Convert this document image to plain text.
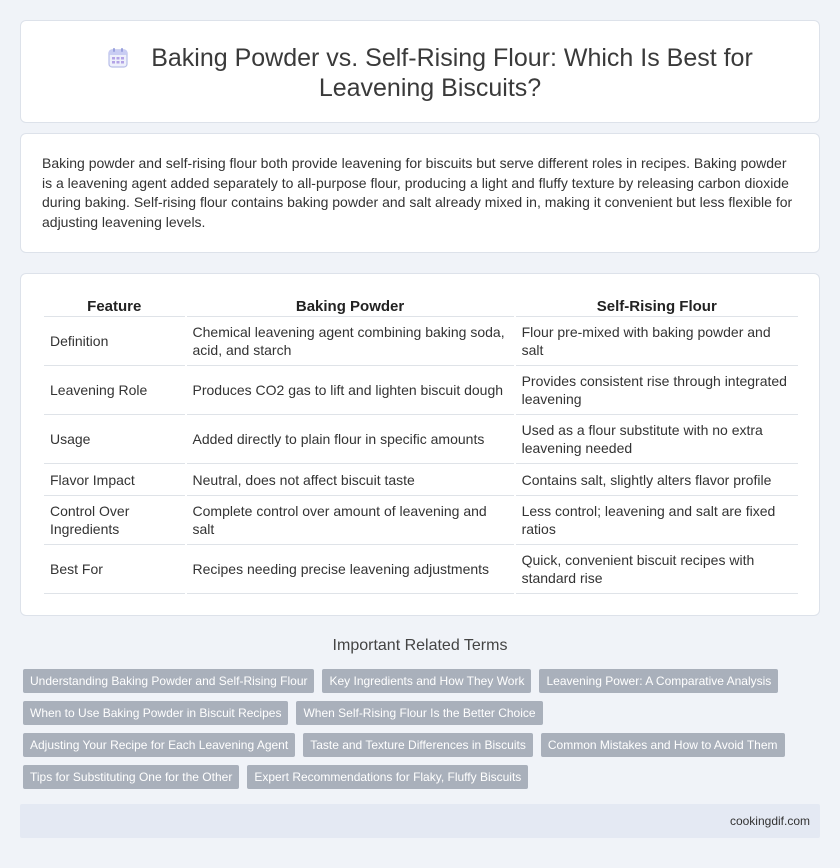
Baking Powder vs. Self-Rising Flour: Which Is Best for Leavening Biscuits?

Baking powder and self-rising flour both provide leavening for biscuits but serve different roles in recipes. Baking powder is a leavening agent added separately to all-purpose flour, producing a light and fluffy texture by releasing carbon dioxide during baking. Self-rising flour contains baking powder and salt already mixed in, making it convenient but less flexible for adjusting leavening levels.

Feature	Baking Powder	Self-Rising Flour
Definition	Chemical leavening agent combining baking soda, acid, and starch	Flour pre-mixed with baking powder and salt
Leavening Role	Produces CO2 gas to lift and lighten biscuit dough	Provides consistent rise through integrated leavening
Usage	Added directly to plain flour in specific amounts	Used as a flour substitute with no extra leavening needed
Flavor Impact	Neutral, does not affect biscuit taste	Contains salt, slightly alters flavor profile
Control Over Ingredients	Complete control over amount of leavening and salt	Less control; leavening and salt are fixed ratios
Best For	Recipes needing precise leavening adjustments	Quick, convenient biscuit recipes with standard rise
Important Related Terms
Understanding Baking Powder and Self-Rising Flour	Key Ingredients and How They Work	Leavening Power: A Comparative Analysis
When to Use Baking Powder in Biscuit Recipes	When Self-Rising Flour Is the Better Choice
Adjusting Your Recipe for Each Leavening Agent	Taste and Texture Differences in Biscuits	Common Mistakes and How to Avoid Them
Tips for Substituting One for the Other	Expert Recommendations for Flaky, Fluffy Biscuits
cookingdif.com
